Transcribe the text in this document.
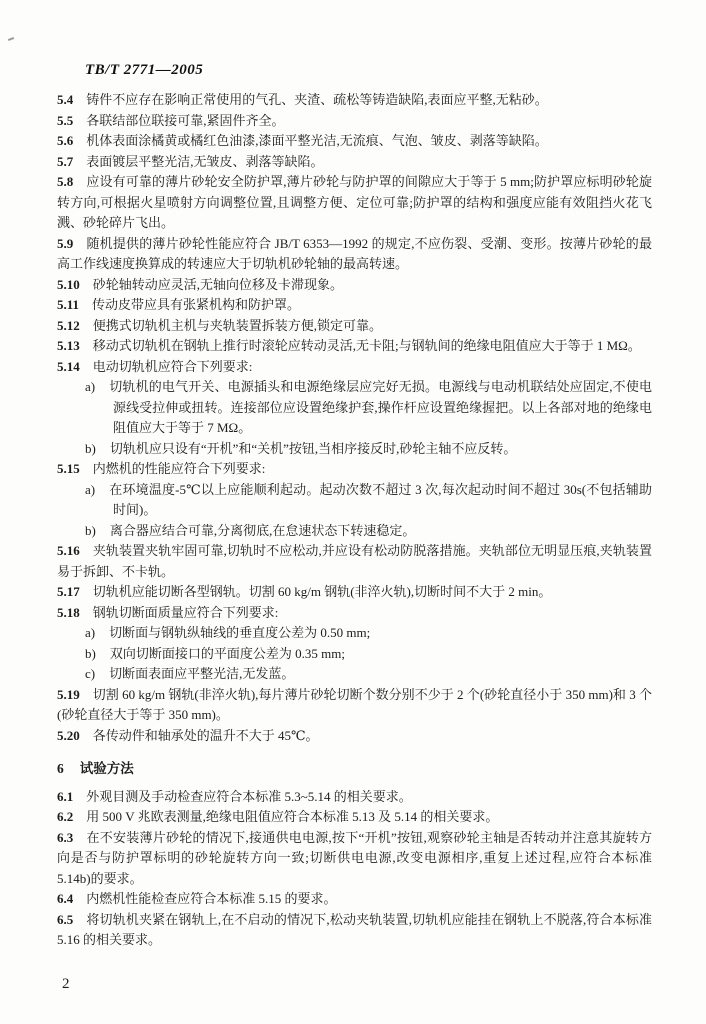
TB/T 2771—2005

5.4 铸件不应存在影响正常使用的气孔、夹渣、疏松等铸造缺陷,表面应平整,无粘砂。

5.5 各联结部位联接可靠,紧固件齐全。

5.6 机体表面涂橘黄或橘红色油漆,漆面平整光洁,无流痕、气泡、皱皮、剥落等缺陷。

5.7 表面镀层平整光洁,无皱皮、剥落等缺陷。

5.8 应设有可靠的薄片砂轮安全防护罩,薄片砂轮与防护罩的间隙应大于等于 5 mm;防护罩应标明砂轮旋转方向,可根据火星喷射方向调整位置,且调整方便、定位可靠;防护罩的结构和强度应能有效阻挡火花飞溅、砂轮碎片飞出。

5.9 随机提供的薄片砂轮性能应符合 JB/T 6353—1992 的规定,不应伤裂、受潮、变形。按薄片砂轮的最高工作线速度换算成的转速应大于切轨机砂轮轴的最高转速。

5.10 砂轮轴转动应灵活,无轴向位移及卡滞现象。

5.11 传动皮带应具有张紧机构和防护罩。

5.12 便携式切轨机主机与夹轨装置拆装方便,锁定可靠。

5.13 移动式切轨机在钢轨上推行时滚轮应转动灵活,无卡阻;与钢轨间的绝缘电阻值应大于等于 1 MΩ。

5.14 电动切轨机应符合下列要求:

a) 切轨机的电气开关、电源插头和电源绝缘层应完好无损。电源线与电动机联结处应固定,不使电源线受拉伸或扭转。连接部位应设置绝缘护套,操作杆应设置绝缘握把。以上各部对地的绝缘电阻值应大于等于 7 MΩ。

b) 切轨机应只设有“开机”和“关机”按钮,当相序接反时,砂轮主轴不应反转。

5.15 内燃机的性能应符合下列要求:

a) 在环境温度-5℃以上应能顺利起动。起动次数不超过 3 次,每次起动时间不超过 30s(不包括辅助时间)。

b) 离合器应结合可靠,分离彻底,在怠速状态下转速稳定。

5.16 夹轨装置夹轨牢固可靠,切轨时不应松动,并应设有松动防脱落措施。夹轨部位无明显压痕,夹轨装置易于拆卸、不卡轨。

5.17 切轨机应能切断各型钢轨。切割 60 kg/m 钢轨(非淬火轨),切断时间不大于 2 min。

5.18 钢轨切断面质量应符合下列要求:

a) 切断面与钢轨纵轴线的垂直度公差为 0.50 mm;

b) 双向切断面接口的平面度公差为 0.35 mm;

c) 切断面表面应平整光洁,无发蓝。

5.19 切割 60 kg/m 钢轨(非淬火轨),每片薄片砂轮切断个数分别不少于 2 个(砂轮直径小于 350 mm)和 3 个(砂轮直径大于等于 350 mm)。

5.20 各传动件和轴承处的温升不大于 45℃。

6 试验方法

6.1 外观目测及手动检查应符合本标准 5.3~5.14 的相关要求。

6.2 用 500 V 兆欧表测量,绝缘电阻值应符合本标准 5.13 及 5.14 的相关要求。

6.3 在不安装薄片砂轮的情况下,接通供电电源,按下“开机”按钮,观察砂轮主轴是否转动并注意其旋转方向是否与防护罩标明的砂轮旋转方向一致;切断供电电源,改变电源相序,重复上述过程,应符合本标准 5.14b)的要求。

6.4 内燃机性能检查应符合本标准 5.15 的要求。

6.5 将切轨机夹紧在钢轨上,在不启动的情况下,松动夹轨装置,切轨机应能挂在钢轨上不脱落,符合本标准 5.16 的相关要求。

2
